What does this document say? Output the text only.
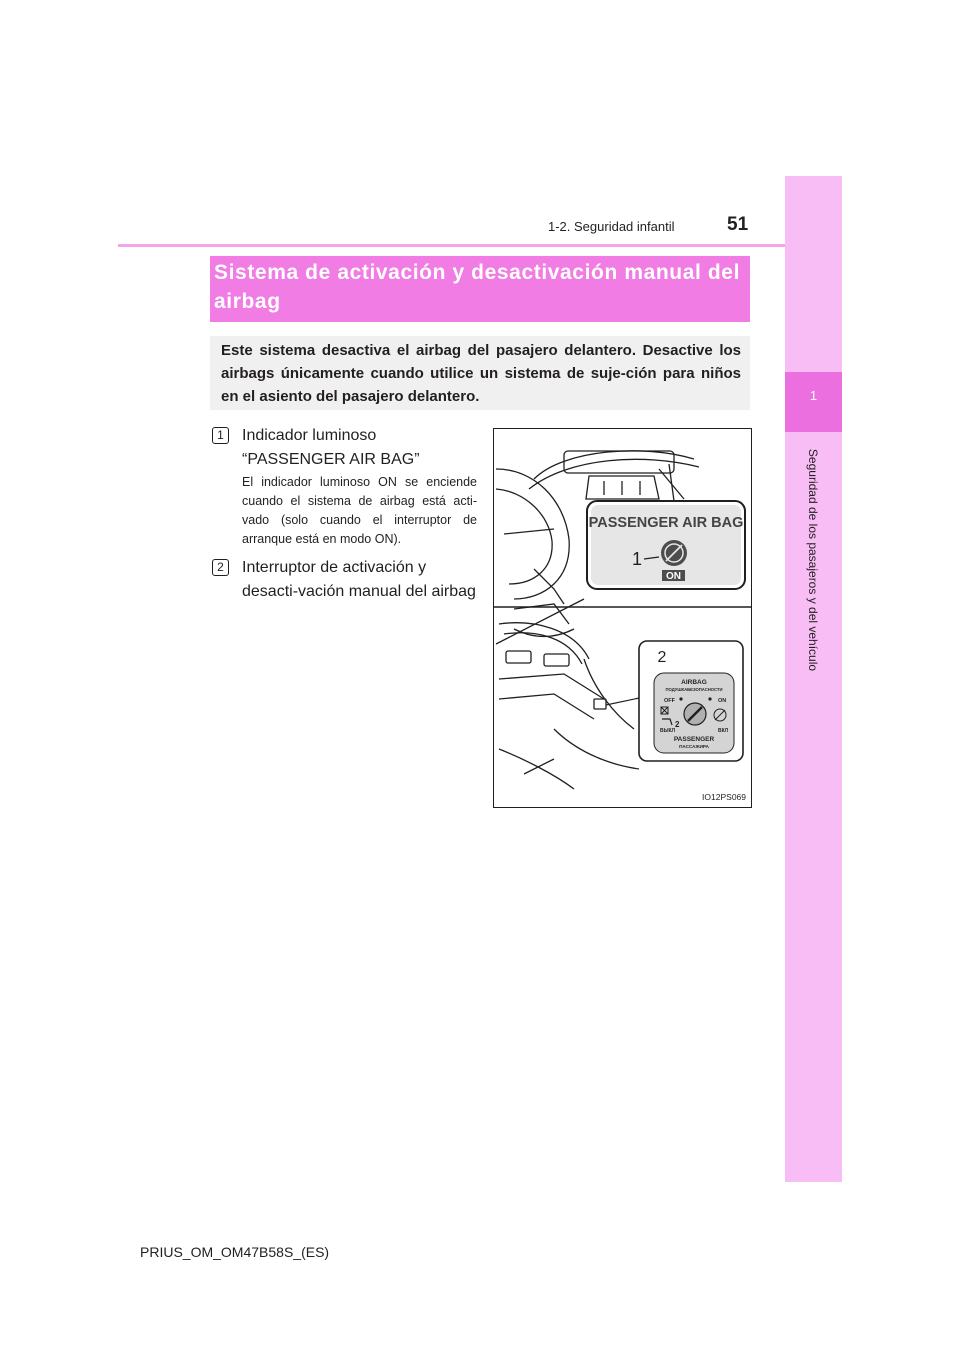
1-2. Seguridad infantil	51
1
Seguridad de los pasajeros y del vehículo
Sistema de activación y desactivación manual del airbag
Este sistema desactiva el airbag del pasajero delantero. Desactive los airbags únicamente cuando utilice un sistema de suje-ción para niños en el asiento del pasajero delantero.
1	Indicador luminoso “PASSENGER AIR BAG”
El indicador luminoso ON se enciende cuando el sistema de airbag está acti-vado (solo cuando el interruptor de arranque está en modo ON).
2	Interruptor de activación y desacti-vación manual del airbag
PASSENGER AIR BAG
1
ON
2
AIRBAG
ПОДУШКАБЕЗОПАСНОСТИ
OFF	ON
2
ВЫКЛ	ВКЛ
PASSENGER
ПАССАЖИРА
IO12PS069
PRIUS_OM_OM47B58S_(ES)
